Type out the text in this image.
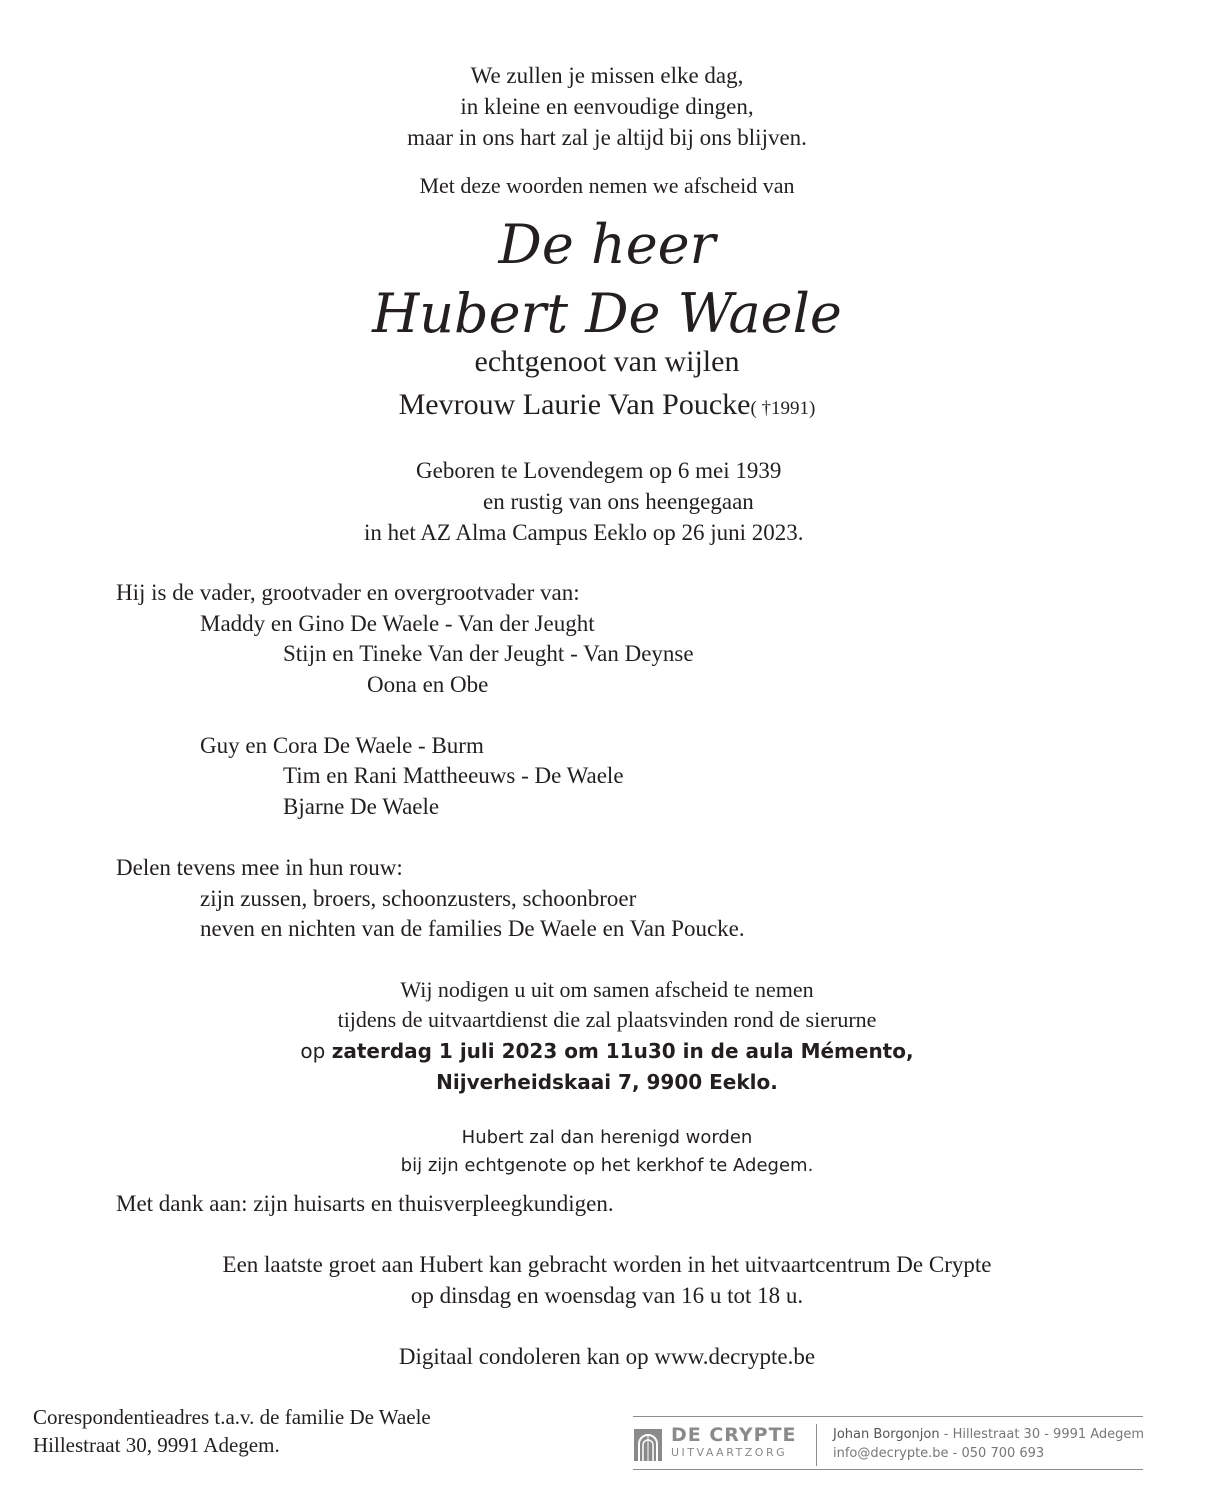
We zullen je missen elke dag,
in kleine en eenvoudige dingen,
maar in ons hart zal je altijd bij ons blijven.
Met deze woorden nemen we afscheid van
De heer
Hubert De Waele
echtgenoot van wijlen
Mevrouw Laurie Van Poucke( †1991)
Geboren te Lovendegem op 6 mei 1939
en rustig van ons heengegaan
in het AZ Alma Campus Eeklo op 26 juni 2023.
Hij is de vader, grootvader en overgrootvader van:
Maddy en Gino De Waele - Van der Jeught
Stijn en Tineke Van der Jeught - Van Deynse
Oona en Obe
Guy en Cora De Waele - Burm
Tim en Rani Mattheeuws - De Waele
Bjarne De Waele
Delen tevens mee in hun rouw:
zijn zussen, broers, schoonzusters, schoonbroer
neven en nichten van de families De Waele en Van Poucke.
Wij nodigen u uit om samen afscheid te nemen
tijdens de uitvaartdienst die zal plaatsvinden rond de sierurne
op zaterdag 1 juli 2023 om 11u30 in de aula Mémento,
Nijverheidskaai 7, 9900 Eeklo.
Hubert zal dan herenigd worden
bij zijn echtgenote op het kerkhof te Adegem.
Met dank aan: zijn huisarts en thuisverpleegkundigen.
Een laatste groet aan Hubert kan gebracht worden in het uitvaartcentrum De Crypte
op dinsdag en woensdag van 16 u tot 18 u.
Digitaal condoleren kan op www.decrypte.be
Corespondentieadres t.a.v. de familie De Waele
Hillestraat 30, 9991 Adegem.	DE CRYPTE
UITVAARTZORG
Johan Borgonjon - Hillestraat 30 - 9991 Adegem
info@decrypte.be - 050 700 693
